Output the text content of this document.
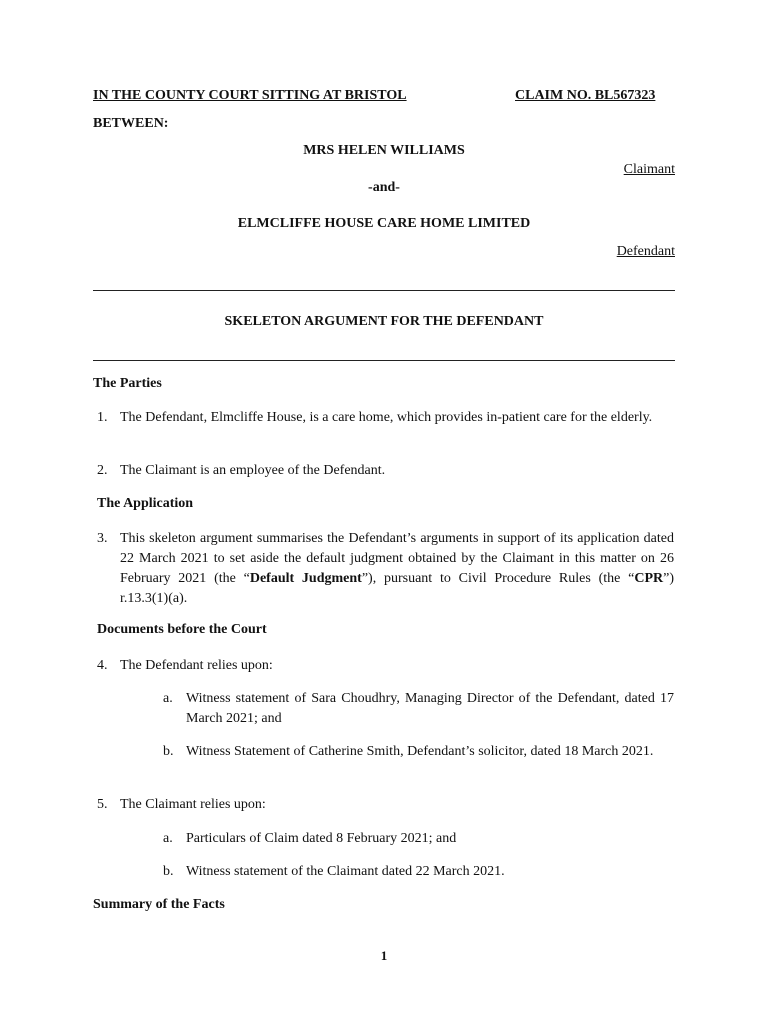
IN THE COUNTY COURT SITTING AT BRISTOL	CLAIM NO. BL567323
BETWEEN:
MRS HELEN WILLIAMS
Claimant
-and-
ELMCLIFFE HOUSE CARE HOME LIMITED
Defendant
SKELETON ARGUMENT FOR THE DEFENDANT
The Parties
1. The Defendant, Elmcliffe House, is a care home, which provides in-patient care for the elderly.
2. The Claimant is an employee of the Defendant.
The Application
3. This skeleton argument summarises the Defendant’s arguments in support of its application dated 22 March 2021 to set aside the default judgment obtained by the Claimant in this matter on 26 February 2021 (the “Default Judgment”), pursuant to Civil Procedure Rules (the “CPR”) r.13.3(1)(a).
Documents before the Court
4. The Defendant relies upon:
a. Witness statement of Sara Choudhry, Managing Director of the Defendant, dated 17 March 2021; and
b. Witness Statement of Catherine Smith, Defendant’s solicitor, dated 18 March 2021.
5. The Claimant relies upon:
a. Particulars of Claim dated 8 February 2021; and
b. Witness statement of the Claimant dated 22 March 2021.
Summary of the Facts
1
